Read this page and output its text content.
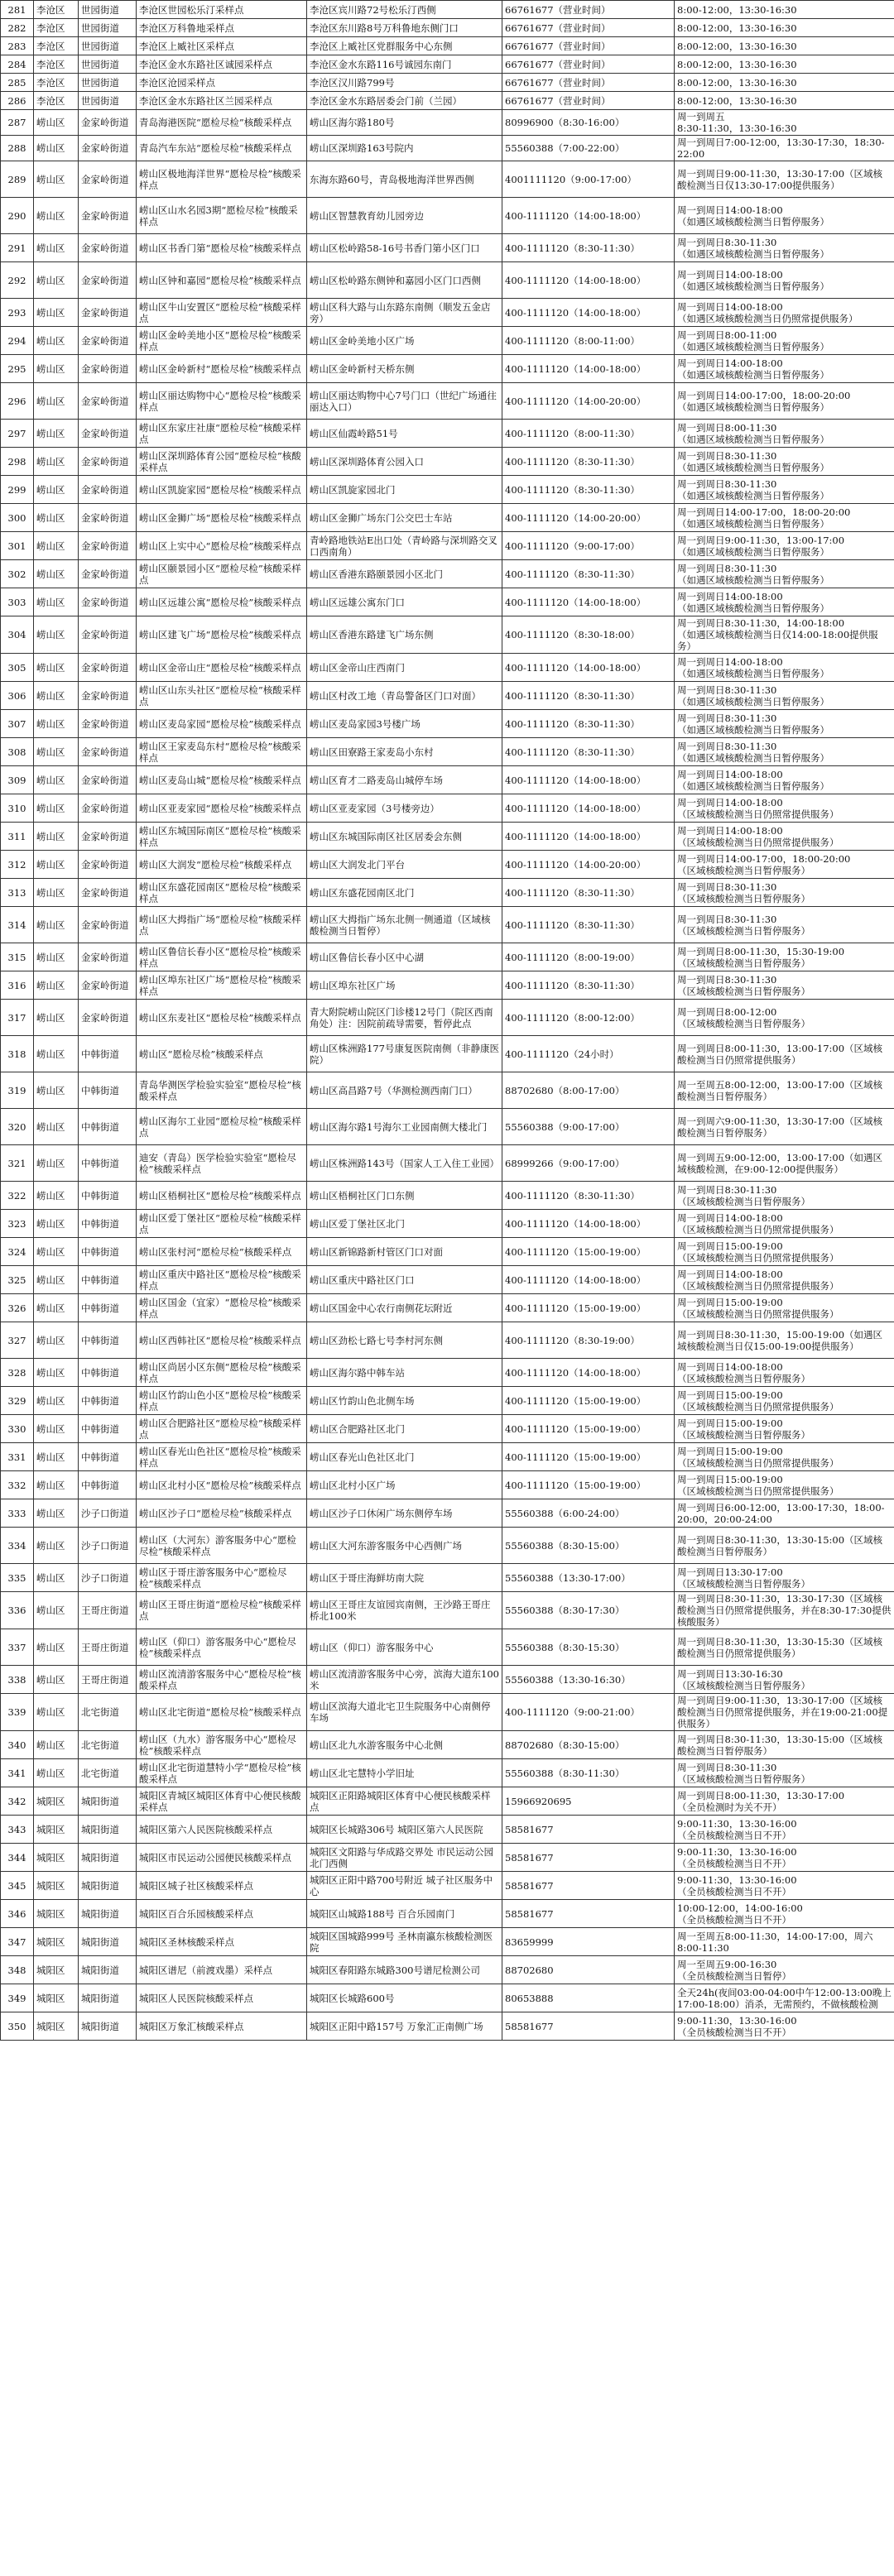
281	李沧区	世园街道	李沧区世园松乐汀采样点	李沧区宾川路72号松乐汀西侧	66761677（营业时间）	8:00-12:00，13:30-16:30
282	李沧区	世园街道	李沧区万科鲁地采样点	李沧区东川路8号万科鲁地东侧门口	66761677（营业时间）	8:00-12:00，13:30-16:30
283	李沧区	世园街道	李沧区上臧社区采样点	李沧区上臧社区党群服务中心东侧	66761677（营业时间）	8:00-12:00，13:30-16:30
284	李沧区	世园街道	李沧区金水东路社区诚园采样点	李沧区金水东路116号诚园东南门	66761677（营业时间）	8:00-12:00，13:30-16:30
285	李沧区	世园街道	李沧区沧园采样点	李沧区汉川路799号	66761677（营业时间）	8:00-12:00，13:30-16:30
286	李沧区	世园街道	李沧区金水东路社区兰园采样点	李沧区金水东路居委会门前（兰园）	66761677（营业时间）	8:00-12:00，13:30-16:30
287	崂山区	金家岭街道	青岛海港医院“愿检尽检”核酸采样点	崂山区海尔路180号	80996900（8:30-16:00）	周一到周五
8:30-11:30，13:30-16:30
288	崂山区	金家岭街道	青岛汽车东站“愿检尽检”核酸采样点	崂山区深圳路163号院内	55560388（7:00-22:00）	周一到周日7:00-12:00，13:30-17:30，18:30-22:00
289	崂山区	金家岭街道	崂山区极地海洋世界“愿检尽检”核酸采样点	东海东路60号，青岛极地海洋世界西侧	4001111120（9:00-17:00）	周一到周日9:00-11:30，13:30-17:00（区域核酸检测当日仅13:30-17:00提供服务）
290	崂山区	金家岭街道	崂山区山水名园3期“愿检尽检”核酸采样点	崂山区智慧教育幼儿园旁边	400-1111120（14:00-18:00）	周一到周日14:00-18:00
（如遇区域核酸检测当日暂停服务）
291	崂山区	金家岭街道	崂山区书香门第“愿检尽检”核酸采样点	崂山区松岭路58-16号书香门第小区门口	400-1111120（8:30-11:30）	周一到周日8:30-11:30
（如遇区域核酸检测当日暂停服务）
292	崂山区	金家岭街道	崂山区钟和嘉园“愿检尽检”核酸采样点	崂山区松岭路东侧钟和嘉园小区门口西侧	400-1111120（14:00-18:00）	周一到周日14:00-18:00
（如遇区域核酸检测当日暂停服务）
293	崂山区	金家岭街道	崂山区牛山安置区“愿检尽检”核酸采样点	崂山区科大路与山东路东南侧（顺发五金店旁）	400-1111120（14:00-18:00）	周一到周日14:00-18:00
（如遇区域核酸检测当日仍照常提供服务）
294	崂山区	金家岭街道	崂山区金岭美地小区“愿检尽检”核酸采样点	崂山区金岭美地小区广场	400-1111120（8:00-11:00）	周一到周日8:00-11:00
（如遇区域核酸检测当日暂停服务）
295	崂山区	金家岭街道	崂山区金岭新村“愿检尽检”核酸采样点	崂山区金岭新村天桥东侧	400-1111120（14:00-18:00）	周一到周日14:00-18:00
（如遇区域核酸检测当日暂停服务）
296	崂山区	金家岭街道	崂山区丽达购物中心“愿检尽检”核酸采样点	崂山区丽达购物中心7号门口（世纪广场通往丽达入口）	400-1111120（14:00-20:00）	周一到周日14:00-17:00，18:00-20:00
（如遇区域核酸检测当日暂停服务）
297	崂山区	金家岭街道	崂山区东家庄社康“愿检尽检”核酸采样点	崂山区仙霞岭路51号	400-1111120（8:00-11:30）	周一到周日8:00-11:30
（如遇区域核酸检测当日暂停服务）
298	崂山区	金家岭街道	崂山区深圳路体育公园“愿检尽检”核酸采样点	崂山区深圳路体育公园入口	400-1111120（8:30-11:30）	周一到周日8:30-11:30
（如遇区域核酸检测当日暂停服务）
299	崂山区	金家岭街道	崂山区凯旋家园“愿检尽检”核酸采样点	崂山区凯旋家园北门	400-1111120（8:30-11:30）	周一到周日8:30-11:30
（如遇区域核酸检测当日暂停服务）
300	崂山区	金家岭街道	崂山区金狮广场“愿检尽检”核酸采样点	崂山区金狮广场东门公交巴士车站	400-1111120（14:00-20:00）	周一到周日14:00-17:00，18:00-20:00
（如遇区域核酸检测当日暂停服务）
301	崂山区	金家岭街道	崂山区上实中心“愿检尽检”核酸采样点	青岭路地铁站E出口处（青岭路与深圳路交叉口西南角）	400-1111120（9:00-17:00）	周一到周日9:00-11:30，13:00-17:00
（如遇区域核酸检测当日暂停服务）
302	崂山区	金家岭街道	崂山区颐景园小区“愿检尽检”核酸采样点	崂山区香港东路颐景园小区北门	400-1111120（8:30-11:30）	周一到周日8:30-11:30
（如遇区域核酸检测当日暂停服务）
303	崂山区	金家岭街道	崂山区远雄公寓“愿检尽检”核酸采样点	崂山区远雄公寓东门口	400-1111120（14:00-18:00）	周一到周日14:00-18:00
（如遇区域核酸检测当日暂停服务）
304	崂山区	金家岭街道	崂山区建飞广场“愿检尽检”核酸采样点	崂山区香港东路建飞广场东侧	400-1111120（8:30-18:00）	周一到周日8:30-11:30，14:00-18:00
（如遇区域核酸检测当日仅14:00-18:00提供服务）
305	崂山区	金家岭街道	崂山区金帝山庄“愿检尽检”核酸采样点	崂山区金帝山庄西南门	400-1111120（14:00-18:00）	周一到周日14:00-18:00
（如遇区域核酸检测当日暂停服务）
306	崂山区	金家岭街道	崂山区山东头社区“愿检尽检”核酸采样点	崂山区村改工地（青岛警备区门口对面）	400-1111120（8:30-11:30）	周一到周日8:30-11:30
（如遇区域核酸检测当日暂停服务）
307	崂山区	金家岭街道	崂山区麦岛家园“愿检尽检”核酸采样点	崂山区麦岛家园3号楼广场	400-1111120（8:30-11:30）	周一到周日8:30-11:30
（如遇区域核酸检测当日暂停服务）
308	崂山区	金家岭街道	崂山区王家麦岛东村“愿检尽检”核酸采样点	崂山区田寮路王家麦岛小东村	400-1111120（8:30-11:30）	周一到周日8:30-11:30
（如遇区域核酸检测当日暂停服务）
309	崂山区	金家岭街道	崂山区麦岛山城“愿检尽检”核酸采样点	崂山区育才二路麦岛山城停车场	400-1111120（14:00-18:00）	周一到周日14:00-18:00
（如遇区域核酸检测当日暂停服务）
310	崂山区	金家岭街道	崂山区亚麦家园“愿检尽检”核酸采样点	崂山区亚麦家园（3号楼旁边）	400-1111120（14:00-18:00）	周一到周日14:00-18:00
（区域核酸检测当日仍照常提供服务）
311	崂山区	金家岭街道	崂山区东城国际南区“愿检尽检”核酸采样点	崂山区东城国际南区社区居委会东侧	400-1111120（14:00-18:00）	周一到周日14:00-18:00
（区域核酸检测当日仍照常提供服务）
312	崂山区	金家岭街道	崂山区大润发“愿检尽检”核酸采样点	崂山区大润发北门平台	400-1111120（14:00-20:00）	周一到周日14:00-17:00，18:00-20:00
（区域核酸检测当日暂停服务）
313	崂山区	金家岭街道	崂山区东盛花园南区“愿检尽检”核酸采样点	崂山区东盛花园南区北门	400-1111120（8:30-11:30）	周一到周日8:30-11:30
（区域核酸检测当日暂停服务）
314	崂山区	金家岭街道	崂山区大拇指广场“愿检尽检”核酸采样点	崂山区大拇指广场东北侧一侧通道（区域核酸检测当日暂停）	400-1111120（8:30-11:30）	周一到周日8:30-11:30
（区域核酸检测当日暂停服务）
315	崂山区	金家岭街道	崂山区鲁信长春小区“愿检尽检”核酸采样点	崂山区鲁信长春小区中心湖	400-1111120（8:00-19:00）	周一到周日8:00-11:30，15:30-19:00
（区域核酸检测当日暂停服务）
316	崂山区	金家岭街道	崂山区埠东社区广场“愿检尽检”核酸采样点	崂山区埠东社区广场	400-1111120（8:30-11:30）	周一到周日8:30-11:30
（区域核酸检测当日暂停服务）
317	崂山区	金家岭街道	崂山区东麦社区“愿检尽检”核酸采样点	青大附院崂山院区门诊楼12号门（院区西南角处）注：因院前疏导需要，暂停此点	400-1111120（8:00-12:00）	周一到周日8:00-12:00
（区域核酸检测当日暂停服务）
318	崂山区	中韩街道	崂山区“愿检尽检”核酸采样点	崂山区株洲路177号康复医院南侧（非静康医院）	400-1111120（24小时）	周一到周日8:00-11:30，13:00-17:00（区域核酸检测当日仍照常提供服务）
319	崂山区	中韩街道	青岛华测医学检验实验室“愿检尽检”核酸采样点	崂山区高昌路7号（华测检测西南门口）	88702680（8:00-17:00）	周一至周五8:00-12:00，13:00-17:00（区域核酸检测当日暂停服务）
320	崂山区	中韩街道	崂山区海尔工业园“愿检尽检”核酸采样点	崂山区海尔路1号海尔工业园南侧大楼北门	55560388（9:00-17:00）	周一到周六9:00-11:30，13:30-17:00（区域核酸检测当日暂停服务）
321	崂山区	中韩街道	迪安（青岛）医学检验实验室“愿检尽检”核酸采样点	崂山区株洲路143号（国家人工入住工业园）	68999266（9:00-17:00）	周一到周五9:00-12:00，13:00-17:00（如遇区域核酸检测，在9:00-12:00提供服务）
322	崂山区	中韩街道	崂山区梧桐社区“愿检尽检”核酸采样点	崂山区梧桐社区门口东侧	400-1111120（8:30-11:30）	周一到周日8:30-11:30
（区域核酸检测当日暂停服务）
323	崂山区	中韩街道	崂山区爱丁堡社区“愿检尽检”核酸采样点	崂山区爱丁堡社区北门	400-1111120（14:00-18:00）	周一到周日14:00-18:00
（区域核酸检测当日仍照常提供服务）
324	崂山区	中韩街道	崂山区张村河“愿检尽检”核酸采样点	崂山区新锦路新村管区门口对面	400-1111120（15:00-19:00）	周一到周日15:00-19:00
（区域核酸检测当日仍照常提供服务）
325	崂山区	中韩街道	崂山区重庆中路社区“愿检尽检”核酸采样点	崂山区重庆中路社区门口	400-1111120（14:00-18:00）	周一到周日14:00-18:00
（区域核酸检测当日仍照常提供服务）
326	崂山区	中韩街道	崂山区国金（宜家）“愿检尽检”核酸采样点	崂山区国金中心农行南侧花坛附近	400-1111120（15:00-19:00）	周一到周日15:00-19:00
（区域核酸检测当日仍照常提供服务）
327	崂山区	中韩街道	崂山区西韩社区“愿检尽检”核酸采样点	崂山区劲松七路七号李村河东侧	400-1111120（8:30-19:00）	周一到周日8:30-11:30，15:00-19:00（如遇区域核酸检测当日仅15:00-19:00提供服务）
328	崂山区	中韩街道	崂山区尚居小区东侧“愿检尽检”核酸采样点	崂山区海尔路中韩车站	400-1111120（14:00-18:00）	周一到周日14:00-18:00
（区域核酸检测当日暂停服务）
329	崂山区	中韩街道	崂山区竹韵山色小区“愿检尽检”核酸采样点	崂山区竹韵山色北侧车场	400-1111120（15:00-19:00）	周一到周日15:00-19:00
（区域核酸检测当日仍照常提供服务）
330	崂山区	中韩街道	崂山区合肥路社区“愿检尽检”核酸采样点	崂山区合肥路社区北门	400-1111120（15:00-19:00）	周一到周日15:00-19:00
（区域核酸检测当日暂停服务）
331	崂山区	中韩街道	崂山区春光山色社区“愿检尽检”核酸采样点	崂山区春光山色社区北门	400-1111120（15:00-19:00）	周一到周日15:00-19:00
（区域核酸检测当日仍照常提供服务）
332	崂山区	中韩街道	崂山区北村小区“愿检尽检”核酸采样点	崂山区北村小区广场	400-1111120（15:00-19:00）	周一到周日15:00-19:00
（区域核酸检测当日仍照常提供服务）
333	崂山区	沙子口街道	崂山区沙子口“愿检尽检”核酸采样点	崂山区沙子口休闲广场东侧停车场	55560388（6:00-24:00）	周一到周日6:00-12:00，13:00-17:30，18:00-20:00，20:00-24:00
334	崂山区	沙子口街道	崂山区（大河东）游客服务中心“愿检尽检”核酸采样点	崂山区大河东游客服务中心西侧广场	55560388（8:30-15:00）	周一到周日8:30-11:30，13:30-15:00（区域核酸检测当日暂停服务）
335	崂山区	沙子口街道	崂山区于哥庄游客服务中心“愿检尽检”核酸采样点	崂山区于哥庄海鲜坊南大院	55560388（13:30-17:00）	周一到周日13:30-17:00
（区域核酸检测当日暂停服务）
336	崂山区	王哥庄街道	崂山区王哥庄街道“愿检尽检”核酸采样点	崂山区王哥庄友谊园宾南侧，王沙路王哥庄桥北100米	55560388（8:30-17:30）	周一到周日8:30-11:30，13:30-17:30（区域核酸检测当日仍照常提供服务，并在8:30-17:30提供核酸服务）
337	崂山区	王哥庄街道	崂山区（仰口）游客服务中心“愿检尽检”核酸采样点	崂山区（仰口）游客服务中心	55560388（8:30-15:30）	周一到周日8:30-11:30，13:30-15:30（区域核酸检测当日仍照常提供服务）
338	崂山区	王哥庄街道	崂山区流清游客服务中心“愿检尽检”核酸采样点	崂山区流清游客服务中心旁，滨海大道东100米	55560388（13:30-16:30）	周一到周日13:30-16:30
（区域核酸检测当日暂停服务）
339	崂山区	北宅街道	崂山区北宅街道“愿检尽检”核酸采样点	崂山区滨海大道北宅卫生院服务中心南侧停车场	400-1111120（9:00-21:00）	周一到周日9:00-11:30，13:30-17:00（区域核酸检测当日仍照常提供服务，并在19:00-21:00提供服务）
340	崂山区	北宅街道	崂山区（九水）游客服务中心“愿检尽检”核酸采样点	崂山区北九水游客服务中心北侧	88702680（8:30-15:00）	周一到周日8:30-11:30，13:30-15:00（区域核酸检测当日暂停服务）
341	崂山区	北宅街道	崂山区北宅街道慧特小学“愿检尽检”核酸采样点	崂山区北宅慧特小学旧址	55560388（8:30-11:30）	周一到周日8:30-11:30
（区域核酸检测当日暂停服务）
342	城阳区	城阳街道	城阳区青城区城阳区体育中心便民核酸采样点	城阳区正阳路城阳区体育中心便民核酸采样点	15966920695	周一到周日8:00-11:30，13:30-17:00
（全员检测时为关不开）
343	城阳区	城阳街道	城阳区第六人民医院核酸采样点	城阳区长城路306号 城阳区第六人民医院	58581677	9:00-11:30，13:30-16:00
（全员核酸检测当日不开）
344	城阳区	城阳街道	城阳区市民运动公园便民核酸采样点	城阳区文阳路与华成路交界处 市民运动公园北门西侧	58581677	9:00-11:30，13:30-16:00
（全员核酸检测当日不开）
345	城阳区	城阳街道	城阳区城子社区核酸采样点	城阳区正阳中路700号附近 城子社区服务中心	58581677	9:00-11:30，13:30-16:00
（全员核酸检测当日不开）
346	城阳区	城阳街道	城阳区百合乐园核酸采样点	城阳区山城路188号 百合乐园南门	58581677	10:00-12:00，14:00-16:00
（全员核酸检测当日不开）
347	城阳区	城阳街道	城阳区圣林核酸采样点	城阳区国城路999号 圣林南瀛东核酸检测医院	83659999	周一至周五8:00-11:30，14:00-17:00，周六8:00-11:30
348	城阳区	城阳街道	城阳区谱尼（前渡戏墨）采样点	城阳区春阳路东城路300号谱尼检测公司	88702680	周一至周五9:00-16:30
（全员核酸检测当日暂停）
349	城阳区	城阳街道	城阳区人民医院核酸采样点	城阳区长城路600号	80653888	全天24h(夜间03:00-04:00中午12:00-13:00晚上17:00-18:00）消杀，无需预约，不做核酸检测
350	城阳区	城阳街道	城阳区万象汇核酸采样点	城阳区正阳中路157号 万象汇正南侧广场	58581677	9:00-11:30，13:30-16:00
（全员核酸检测当日不开）
